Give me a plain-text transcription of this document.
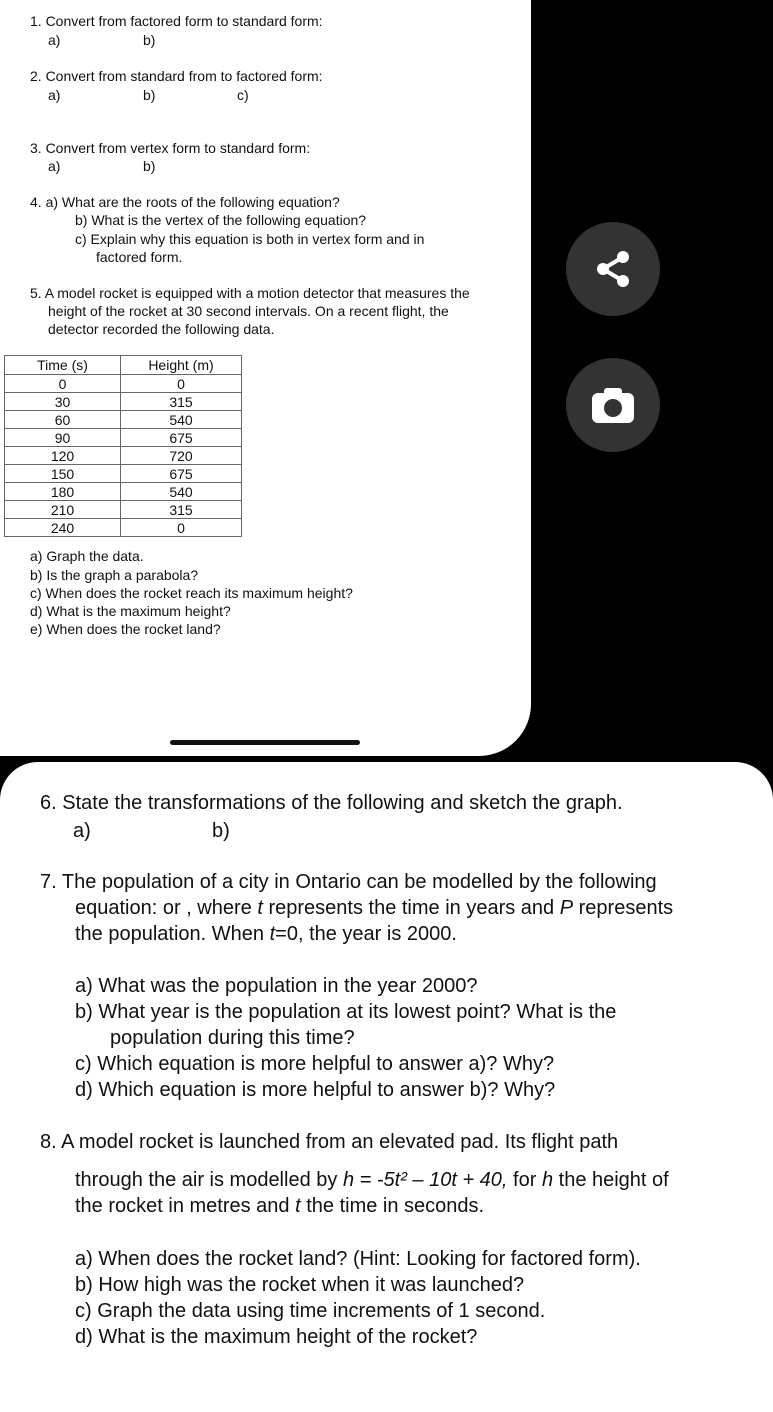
1. Convert from factored form to standard form:
a)	b)
2. Convert from standard from to factored form:
a)	b)	c)
3. Convert from vertex form to standard form:
a)	b)
4. a) What are the roots of the following equation?
b) What is the vertex of the following equation?
c) Explain why this equation is both in vertex form and in
factored form.
5. A model rocket is equipped with a motion detector that measures the
height of the rocket at 30 second intervals. On a recent flight, the
detector recorded the following data.
Time (s)	Height (m)
0	0
30	315
60	540
90	675
120	720
150	675
180	540
210	315
240	0
a) Graph the data.
b) Is the graph a parabola?
c) When does the rocket reach its maximum height?
d) What is the maximum height?
e) When does the rocket land?
6. State the transformations of the following and sketch the graph.
a)	b)
7. The population of a city in Ontario can be modelled by the following
equation: or , where t represents the time in years and P represents
the population. When t=0, the year is 2000.
a) What was the population in the year 2000?
b) What year is the population at its lowest point? What is the
population during this time?
c) Which equation is more helpful to answer a)? Why?
d) Which equation is more helpful to answer b)? Why?
8. A model rocket is launched from an elevated pad. Its flight path
through the air is modelled by h = -5t² – 10t + 40, for h the height of
the rocket in metres and t the time in seconds.
a) When does the rocket land? (Hint: Looking for factored form).
b) How high was the rocket when it was launched?
c) Graph the data using time increments of 1 second.
d) What is the maximum height of the rocket?
